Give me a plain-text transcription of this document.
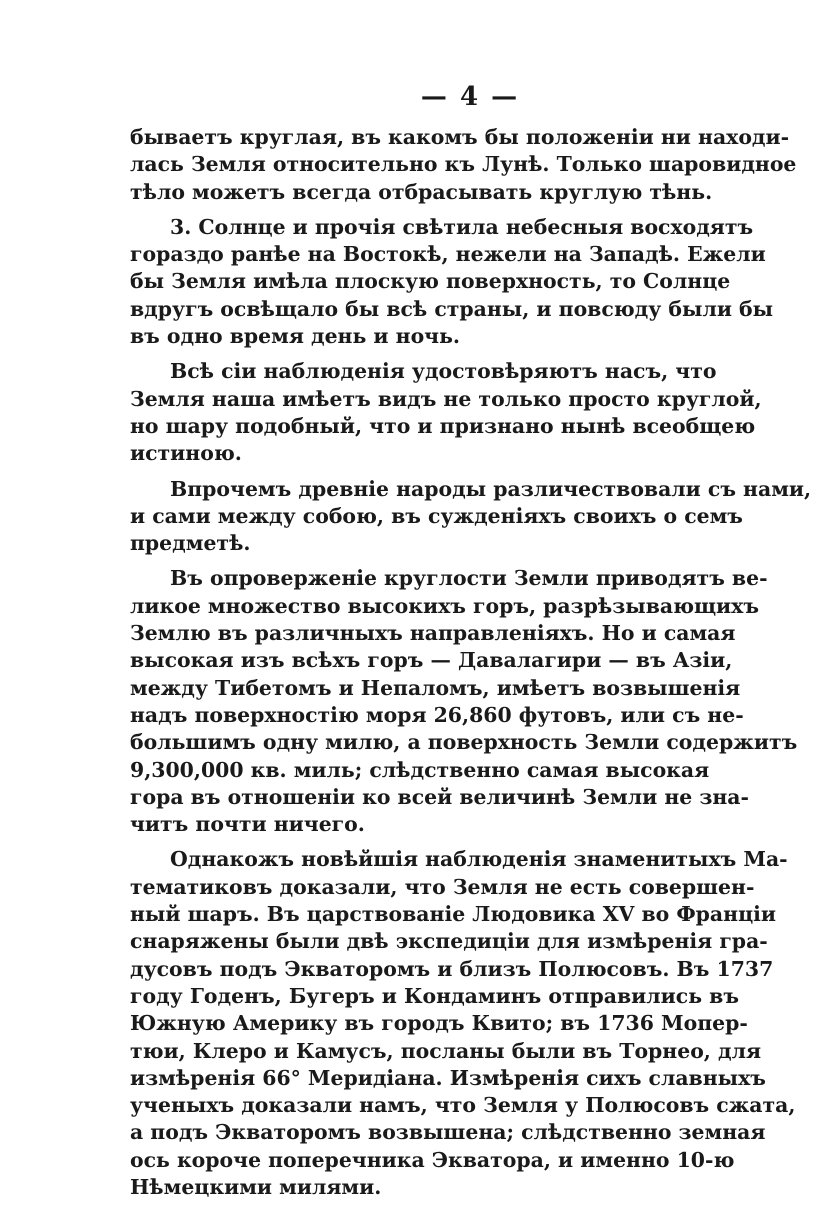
— 4 —
бываетъ круглая, въ какомъ бы положеніи ни находи-
лась Земля относительно къ Лунѣ. Только шаровидное
тѣло можетъ всегда отбрасывать круглую тѣнь.
3. Солнце и прочія свѣтила небесныя восходятъ
гораздо ранѣе на Востокѣ, нежели на Западѣ. Ежели
бы Земля имѣла плоскую поверхность, то Солнце
вдругъ освѣщало бы всѣ страны, и повсюду были бы
въ одно время день и ночь.
Всѣ сіи наблюденія удостовѣряютъ насъ, что
Земля наша имѣетъ видъ не только просто круглой,
но шару подобный, что и признано нынѣ всеобщею
истиною.
Впрочемъ древніе народы различествовали съ нами,
и сами между собою, въ сужденіяхъ своихъ о семъ
предметѣ.
Въ опроверженіе круглости Земли приводятъ ве-
ликое множество высокихъ горъ, разрѣзывающихъ
Землю въ различныхъ направленіяхъ. Но и самая
высокая изъ всѣхъ горъ — Давалагири — въ Азіи,
между Тибетомъ и Непаломъ, имѣетъ возвышенія
надъ поверхностію моря 26,860 футовъ, или съ не-
большимъ одну милю, а поверхность Земли содержитъ
9,300,000 кв. миль; слѣдственно самая высокая
гора въ отношеніи ко всей величинѣ Земли не зна-
читъ почти ничего.
Однакожъ новѣйшія наблюденія знаменитыхъ Ма-
тематиковъ доказали, что Земля не есть совершен-
ный шаръ. Въ царствованіе Людовика XV во Франціи
снаряжены были двѣ экспедиціи для измѣренія гра-
дусовъ подъ Экваторомъ и близъ Полюсовъ. Въ 1737
году Годенъ, Бугеръ и Кондаминъ отправились въ
Южную Америку въ городъ Квито; въ 1736 Мопер-
тюи, Клеро и Камусъ, посланы были въ Торнео, для
измѣренія 66° Меридіана. Измѣренія сихъ славныхъ
ученыхъ доказали намъ, что Земля у Полюсовъ сжата,
а подъ Экваторомъ возвышена; слѣдственно земная
ось короче поперечника Экватора, и именно 10-ю
Нѣмецкими милями.
